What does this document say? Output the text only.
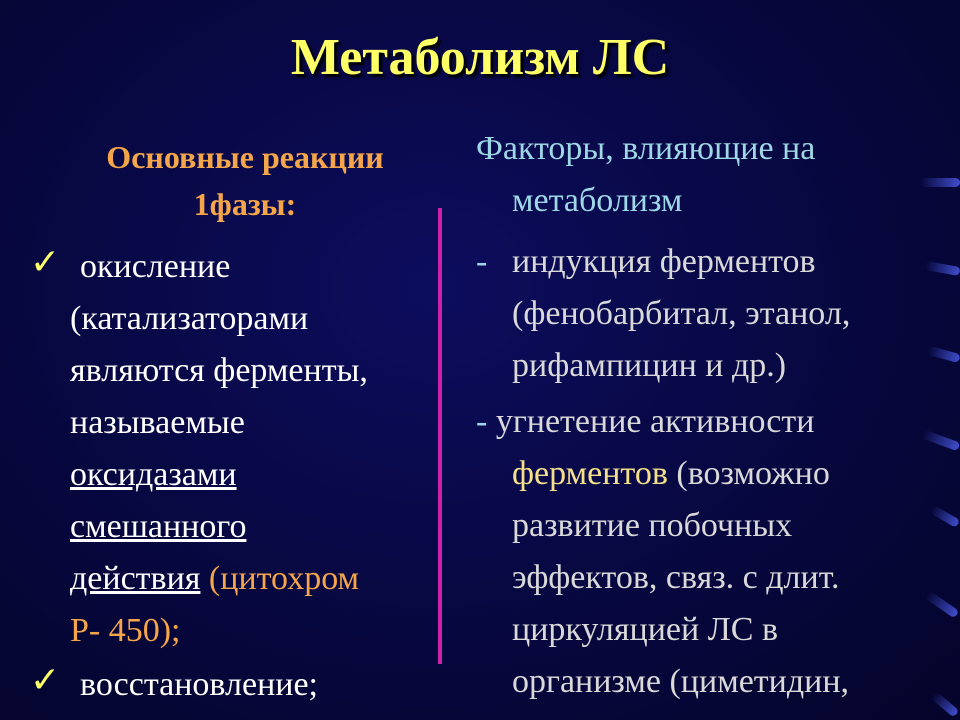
Метаболизм ЛС
Основные реакции
1фазы:
✓ окисление
(катализаторами
являются ферменты,
называемые
оксидазами
смешанного
действия (цитохром
Р- 450);
✓ восстановление;
Факторы, влияющие на
метаболизм
- индукция ферментов
(фенобарбитал, этанол,
рифампицин и др.)
- угнетение активности
ферментов (возможно
развитие побочных
эффектов, связ. с длит.
циркуляцией ЛС в
организме (циметидин,
